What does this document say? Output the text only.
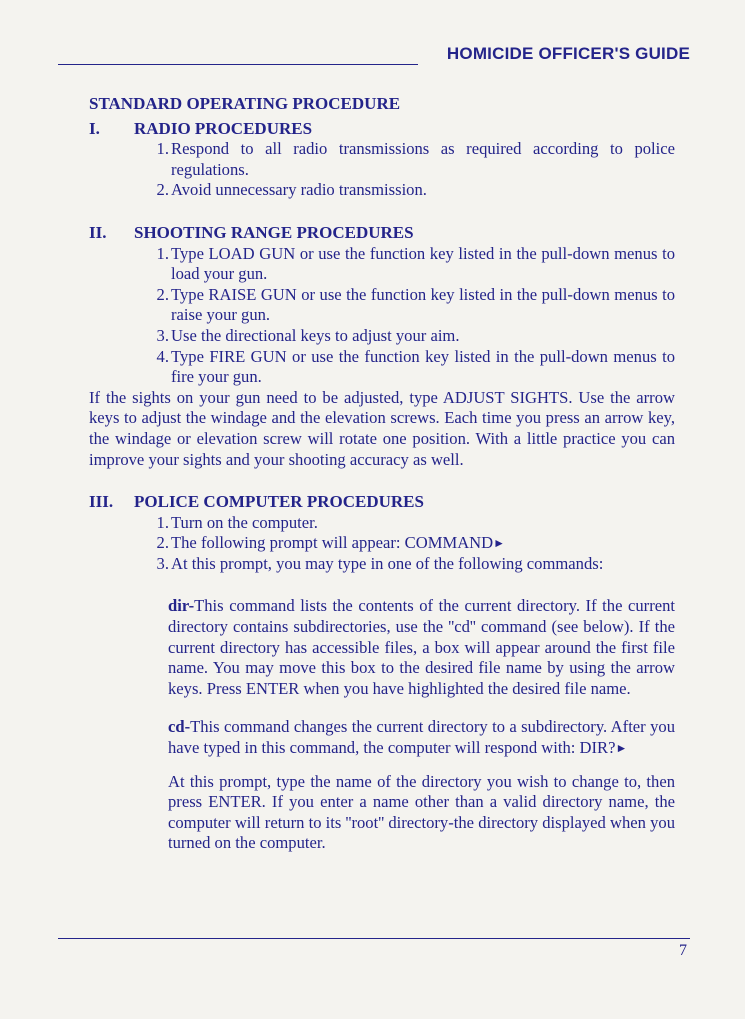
HOMICIDE OFFICER'S GUIDE
STANDARD OPERATING PROCEDURE
I.	RADIO PROCEDURES
1. Respond to all radio transmissions as required according to police regulations.
2. Avoid unnecessary radio transmission.
II.	SHOOTING RANGE PROCEDURES
1. Type LOAD GUN or use the function key listed in the pull-down menus to load your gun.
2. Type RAISE GUN or use the function key listed in the pull-down menus to raise your gun.
3. Use the directional keys to adjust your aim.
4. Type FIRE GUN or use the function key listed in the pull-down menus to fire your gun.

If the sights on your gun need to be adjusted, type ADJUST SIGHTS. Use the arrow keys to adjust the windage and the elevation screws. Each time you press an arrow key, the windage or elevation screw will rotate one position. With a little practice you can improve your sights and your shooting accuracy as well.

III.	POLICE COMPUTER PROCEDURES
1. Turn on the computer.
2. The following prompt will appear: COMMAND►
3. At this prompt, you may type in one of the following commands:

dir-This command lists the contents of the current directory. If the current directory contains subdirectories, use the ''cd'' command (see below). If the current directory has accessible files, a box will appear around the first file name. You may move this box to the desired file name by using the arrow keys. Press ENTER when you have highlighted the desired file name.

cd-This command changes the current directory to a subdirectory. After you have typed in this command, the computer will respond with: DIR?►

At this prompt, type the name of the directory you wish to change to, then press ENTER. If you enter a name other than a valid directory name, the computer will return to its ''root'' directory-the directory displayed when you turned on the computer.

7
